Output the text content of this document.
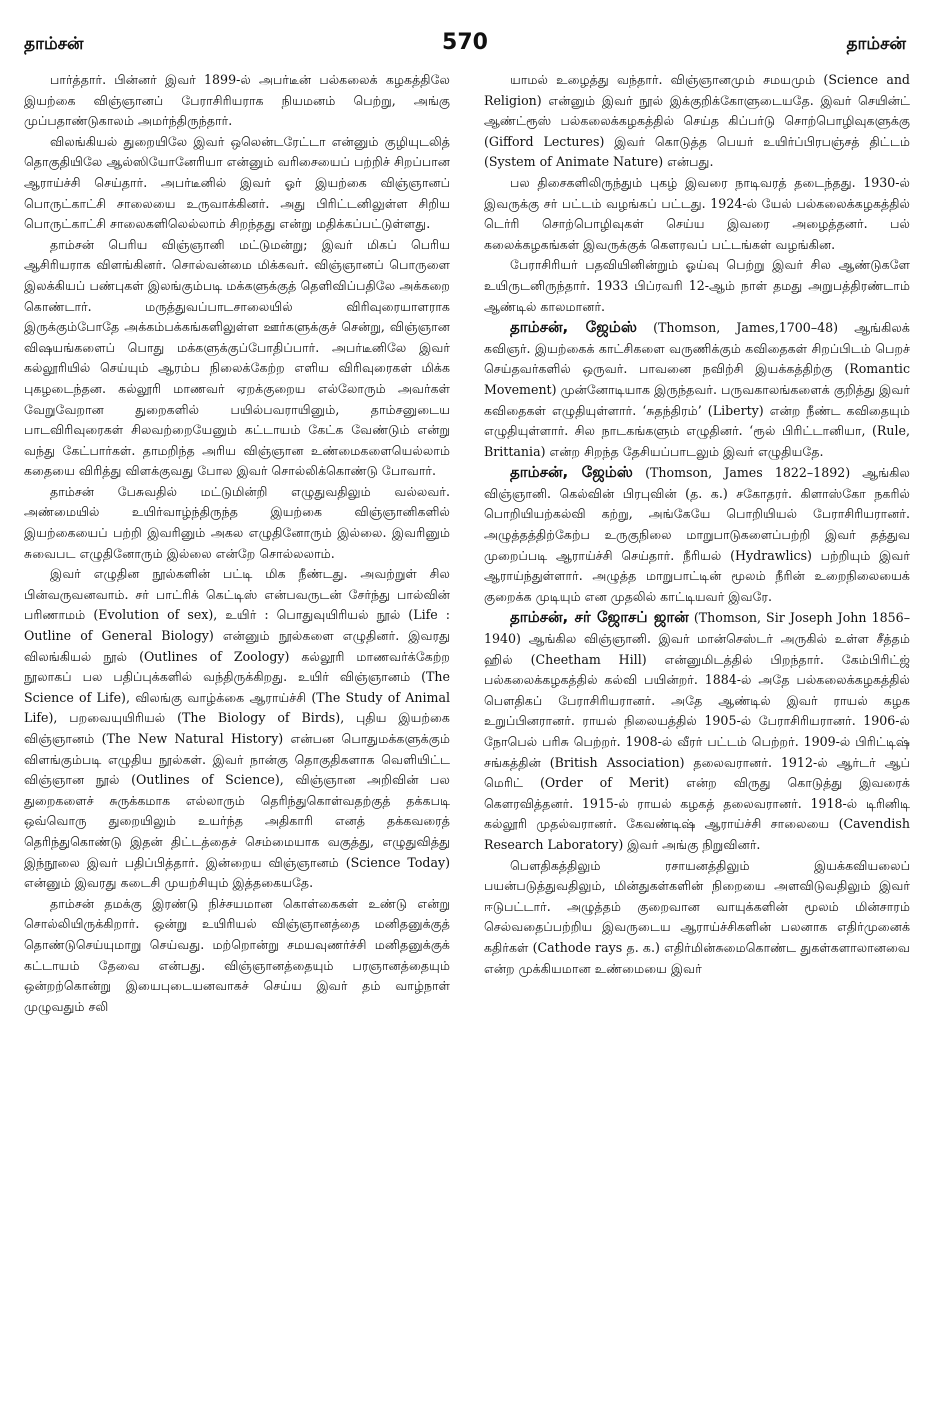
தாம்சன்	570	தாம்சன்

பார்த்தார். பின்னர் இவர் 1899-ல் அபர்டீன் பல்கலைக் கழகத்திலே இயற்கை விஞ்ஞானப் பேராசிரியராக நியமனம் பெற்று, அங்கு முப்பதாண்டுகாலம் அமர்ந்திருந்தார்.

விலங்கியல் துறையிலே இவர் ஒலென்டரேட்டா என்னும் குழியுடலித் தொகுதியிலே ஆல்ஸியோனேரியா என்னும் வரிசையைப் பற்றிச் சிறப்பான ஆராய்ச்சி செய்தார். அபர்டீனில் இவர் ஓர் இயற்கை விஞ்ஞானப் பொருட்காட்சி சாலையை உருவாக்கினர். அது பிரிட்டனிலுள்ள சிறிய பொருட்காட்சி சாலைகளிலெல்லாம் சிறந்தது என்று மதிக்கப்பட்டுள்ளது.

தாம்சன் பெரிய விஞ்ஞானி மட்டுமன்று; இவர் மிகப் பெரிய ஆசிரியராக விளங்கினர். சொல்வன்மை மிக்கவர். விஞ்ஞானப் பொருளை இலக்கியப் பண்புகள் இலங்கும்படி மக்களுக்குத் தெளிவிப்பதிலே அக்கறை கொண்டார். மருத்துவப்பாடசாலையில் விரிவுரையாளராக இருக்கும்போதே அக்கம்பக்கங்களிலுள்ள ஊர்களுக்குச் சென்று, விஞ்ஞான விஷயங்களைப் பொது மக்களுக்குப்போதிப்பார். அபர்டீனிலே இவர் கல்லூரியில் செய்யும் ஆரம்ப நிலைக்கேற்ற எளிய விரிவுரைகள் மிக்க புகழடைந்தன. கல்லூரி மாணவர் ஏறக்குறைய எல்லோரும் அவர்கள் வேறுவேறான துறைகளில் பயில்பவராயினும், தாம்சனுடைய பாடவிரிவுரைகள் சிலவற்றையேனும் கட்டாயம் கேட்க வேண்டும் என்று வந்து கேட்பார்கள். தாமறிந்த அரிய விஞ்ஞான உண்மைகளையெல்லாம் கதையை விரித்து விளக்குவது போல இவர் சொல்லிக்கொண்டு போவார்.

தாம்சன் பேசுவதில் மட்டுமின்றி எழுதுவதிலும் வல்லவர். அண்மையில் உயிர்வாழ்ந்திருந்த இயற்கை விஞ்ஞானிகளில் இயற்கையைப் பற்றி இவரினும் அகல எழுதினோரும் இல்லை. இவரினும் சுவைபட எழுதினோரும் இல்லை என்றே சொல்லலாம்.

இவர் எழுதின நூல்களின் பட்டி மிக நீண்டது. அவற்றுள் சில பின்வருவனவாம். சர் பாட்ரிக் கெட்டிஸ் என்பவருடன் சேர்ந்து பால்வின் பரிணாமம் (Evolution of sex), உயிர் : பொதுவுயிரியல் நூல் (Life : Outline of General Biology) என்னும் நூல்களை எழுதினர். இவரது விலங்கியல் நூல் (Outlines of Zoology) கல்லூரி மாணவர்க்கேற்ற நூலாகப் பல பதிப்புக்களில் வந்திருக்கிறது. உயிர் விஞ்ஞானம் (The Science of Life), விலங்கு வாழ்க்கை ஆராய்ச்சி (The Study of Animal Life), பறவையுயிரியல் (The Biology of Birds), புதிய இயற்கை விஞ்ஞானம் (The New Natural History) என்பன பொதுமக்களுக்கும் விளங்கும்படி எழுதிய நூல்கள். இவர் நான்கு தொகுதிகளாக வெளியிட்ட விஞ்ஞான நூல் (Outlines of Science), விஞ்ஞான அறிவின் பல துறைகளைச் சுருக்கமாக எல்லாரும் தெரிந்துகொள்வதற்குத் தக்கபடி ஒவ்வொரு துறையிலும் உயர்ந்த அதிகாரி எனத் தக்கவரைத் தெரிந்துகொண்டு இதன் திட்டத்தைச் செம்மையாக வகுத்து, எழுதுவித்து இந்நூலை இவர் பதிப்பித்தார். இன்றைய விஞ்ஞானம் (Science Today) என்னும் இவரது கடைசி முயற்சியும் இத்தகையதே.

தாம்சன் தமக்கு இரண்டு நிச்சயமான கொள்கைகள் உண்டு என்று சொல்லியிருக்கிறார். ஒன்று உயிரியல் விஞ்ஞானத்தை மனிதனுக்குத் தொண்டுசெய்யுமாறு செய்வது. மற்றொன்று சமயவுணர்ச்சி மனிதனுக்குக் கட்டாயம் தேவை என்பது. விஞ்ஞானத்தையும் பரஞானத்தையும் ஒன்றற்கொன்று இயைபுடையனவாகச் செய்ய இவர் தம் வாழ்நாள் முழுவதும் சலி

யாமல் உழைத்து வந்தார். விஞ்ஞானமும் சமயமும் (Science and Religion) என்னும் இவர் நூல் இக்குறிக்கோளுடையதே. இவர் செயின்ட் ஆண்ட்ரூஸ் பல்கலைக்கழகத்தில் செய்த கிப்பர்டு சொற்பொழிவுகளுக்கு (Gifford Lectures) இவர் கொடுத்த பெயர் உயிர்ப்பிரபஞ்சத் திட்டம் (System of Animate Nature) என்பது.

பல திசைகளிலிருந்தும் புகழ் இவரை நாடிவரத் தடைந்தது. 1930-ல் இவருக்கு சர் பட்டம் வழங்கப் பட்டது. 1924-ல் யேல் பல்கலைக்கழகத்தில் டெர்ரி சொற்பொழிவுகள் செய்ய இவரை அழைத்தனர். பல் கலைக்கழகங்கள் இவருக்குக் கௌரவப் பட்டங்கள் வழங்கின.

பேராசிரியர் பதவியினின்றும் ஓய்வு பெற்று இவர் சில ஆண்டுகளே உயிருடனிருந்தார். 1933 பிப்ரவரி 12-ஆம் நாள் தமது அறுபத்திரண்டாம் ஆண்டில் காலமானர்.

தாம்சன், ஜேம்ஸ் (Thomson, James,1700–48) ஆங்கிலக் கவிஞர். இயற்கைக் காட்சிகளை வருணிக்கும் கவிதைகள் சிறப்பிடம் பெறச் செய்தவர்களில் ஒருவர். பாவனை நவிற்சி இயக்கத்திற்கு (Romantic Movement) முன்னோடியாக இருந்தவர். பருவகாலங்களைக் குறித்து இவர் கவிதைகள் எழுதியுள்ளார். ‘சுதந்திரம்’ (Liberty) என்ற நீண்ட கவிதையும் எழுதியுள்ளார். சில நாடகங்களும் எழுதினர். ‘ரூல் பிரிட்டானியா, (Rule, Brittania) என்ற சிறந்த தேசியப்பாடலும் இவர் எழுதியதே.

தாம்சன், ஜேம்ஸ் (Thomson, James 1822–1892) ஆங்கில விஞ்ஞானி. கெல்வின் பிரபுவின் (த. க.) சகோதரர். கிளாஸ்கோ நகரில் பொறியியற்கல்வி கற்று, அங்கேயே பொறியியல் பேராசிரியரானர். அழுத்தத்திற்கேற்ப உருகுநிலை மாறுபாடுகளைப்பற்றி இவர் தத்துவ முறைப்படி ஆராய்ச்சி செய்தார். நீரியல் (Hydrawlics) பற்றியும் இவர் ஆராய்ந்துள்ளார். அழுத்த மாறுபாட்டின் மூலம் நீரின் உறைநிலையைக் குறைக்க முடியும் என முதலில் காட்டியவர் இவரே.

தாம்சன், சர் ஜோசப் ஜான் (Thomson, Sir Joseph John 1856–1940) ஆங்கில விஞ்ஞானி. இவர் மான்செஸ்டர் அருகில் உள்ள சீத்தம் ஹில் (Cheetham Hill) என்னுமிடத்தில் பிறந்தார். கேம்பிரிட்ஜ் பல்கலைக்கழகத்தில் கல்வி பயின்றர். 1884-ல் அதே பல்கலைக்கழகத்தில் பௌதிகப் பேராசிரியரானர். அதே ஆண்டில் இவர் ராயல் கழக உறுப்பினரானர். ராயல் நிலையத்தில் 1905-ல் பேராசிரியரானர். 1906-ல் நோபெல் பரிசு பெற்றர். 1908-ல் வீரர் பட்டம் பெற்றர். 1909-ல் பிரிட்டிஷ் சங்கத்தின் (British Association) தலைவரானர். 1912-ல் ஆர்டர் ஆப் மெரிட் (Order of Merit) என்ற விருது கொடுத்து இவரைக் கௌரவித்தனர். 1915-ல் ராயல் கழகத் தலைவரானர். 1918-ல் டிரினிடி கல்லூரி முதல்வரானர். கேவண்டிஷ் ஆராய்ச்சி சாலையை (Cavendish Research Laboratory) இவர் அங்கு நிறுவினர்.

பௌதிகத்திலும் ரசாயனத்திலும் இயக்கவியலைப் பயன்படுத்துவதிலும், மின்துகள்களின் நிறையை அளவிடுவதிலும் இவர் ஈடுபட்டார். அழுத்தம் குறைவான வாயுக்களின் மூலம் மின்சாரம் செல்வதைப்பற்றிய இவருடைய ஆராய்ச்சிகளின் பலனாக எதிர்முனைக் கதிர்கள் (Cathode rays த. க.) எதிர்மின்சுமைகொண்ட துகள்களாலானவை என்ற முக்கியமான உண்மையை இவர்
